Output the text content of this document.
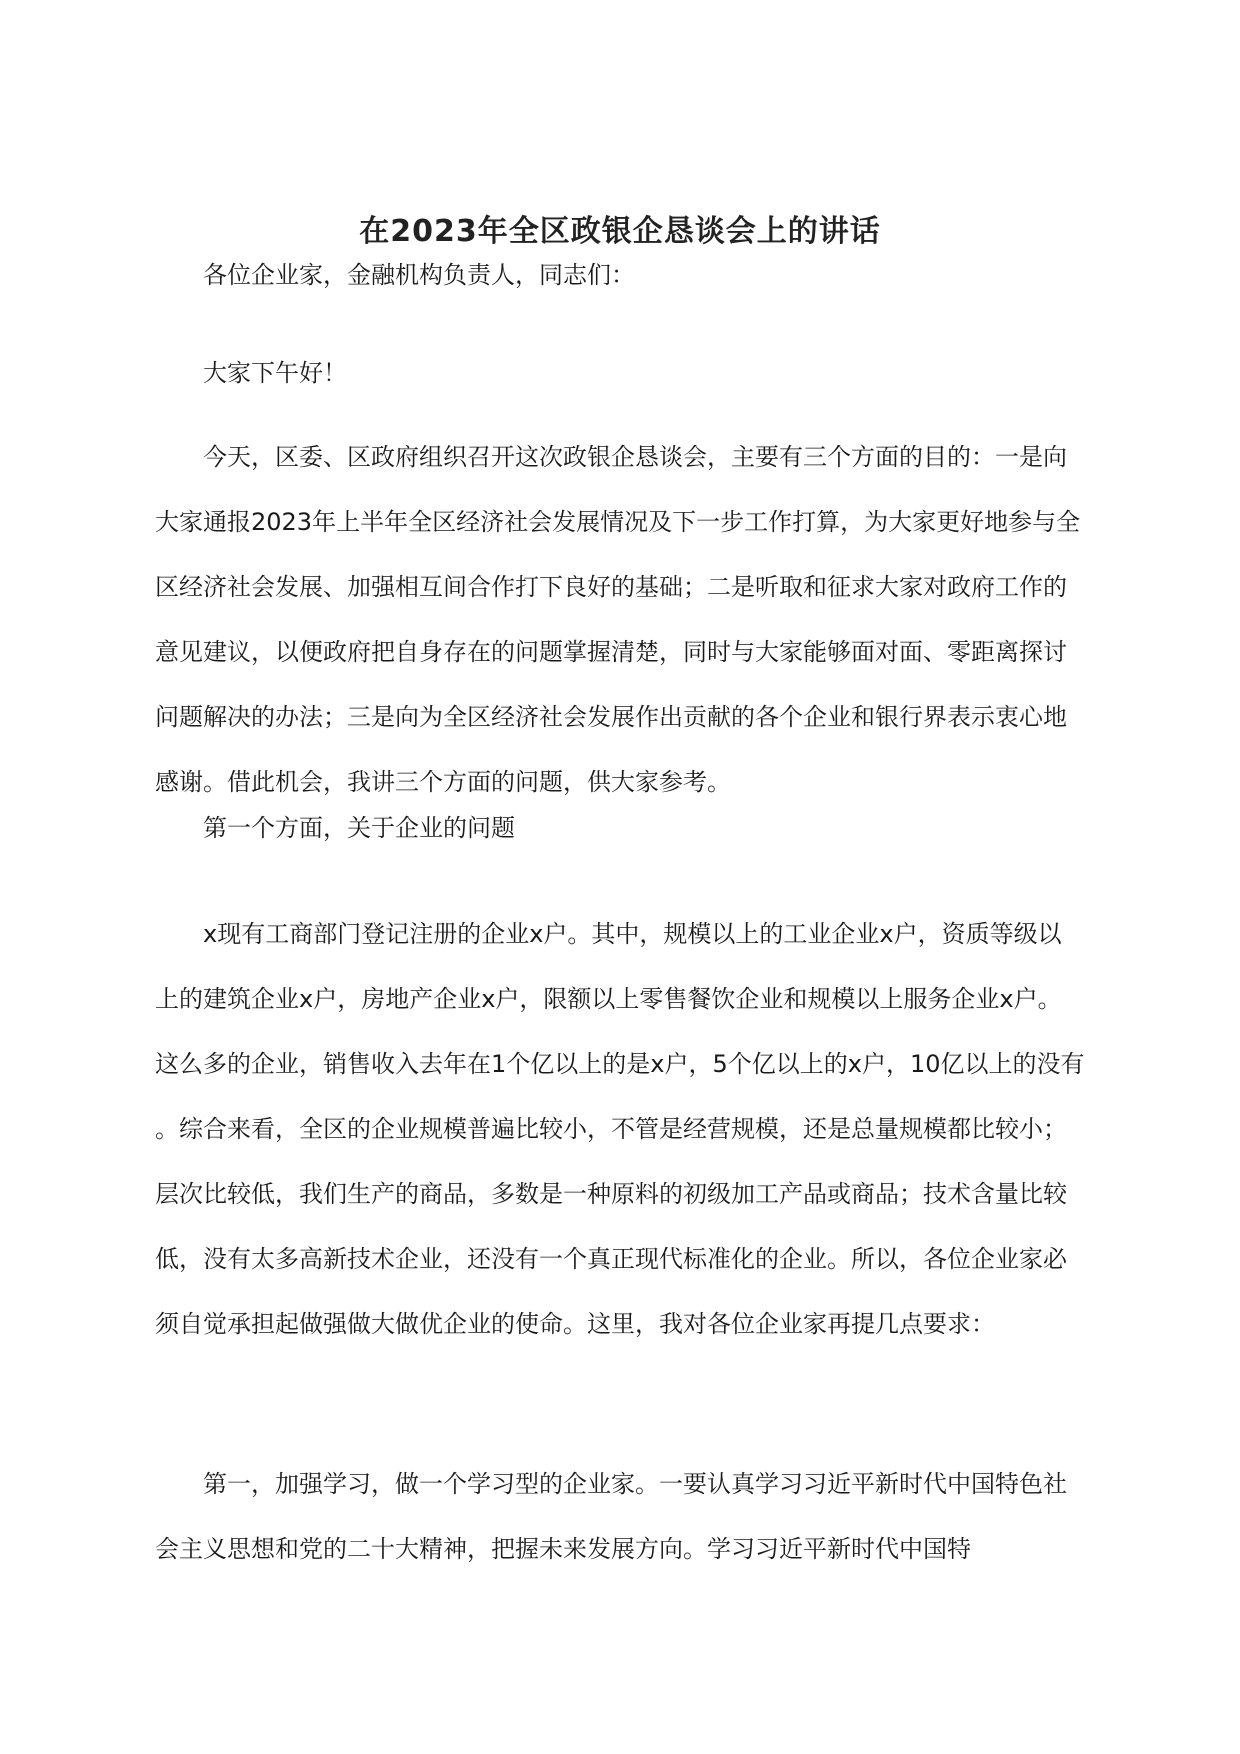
在2023年全区政银企恳谈会上的讲话

各位企业家，金融机构负责人，同志们：

大家下午好！

今天，区委、区政府组织召开这次政银企恳谈会，主要有三个方面的目的：一是向大家通报2023年上半年全区经济社会发展情况及下一步工作打算，为大家更好地参与全区经济社会发展、加强相互间合作打下良好的基础；二是听取和征求大家对政府工作的意见建议，以便政府把自身存在的问题掌握清楚，同时与大家能够面对面、零距离探讨问题解决的办法；三是向为全区经济社会发展作出贡献的各个企业和银行界表示衷心地感谢。借此机会，我讲三个方面的问题，供大家参考。

第一个方面，关于企业的问题

x现有工商部门登记注册的企业x户。其中，规模以上的工业企业x户，资质等级以上的建筑企业x户，房地产企业x户，限额以上零售餐饮企业和规模以上服务企业x户。这么多的企业，销售收入去年在1个亿以上的是x户，5个亿以上的x户，10亿以上的没有。综合来看，全区的企业规模普遍比较小，不管是经营规模，还是总量规模都比较小；层次比较低，我们生产的商品，多数是一种原料的初级加工产品或商品；技术含量比较低，没有太多高新技术企业，还没有一个真正现代标准化的企业。所以，各位企业家必须自觉承担起做强做大做优企业的使命。这里，我对各位企业家再提几点要求：

第一，加强学习，做一个学习型的企业家。一要认真学习习近平新时代中国特色社会主义思想和党的二十大精神，把握未来发展方向。学习习近平新时代中国特
